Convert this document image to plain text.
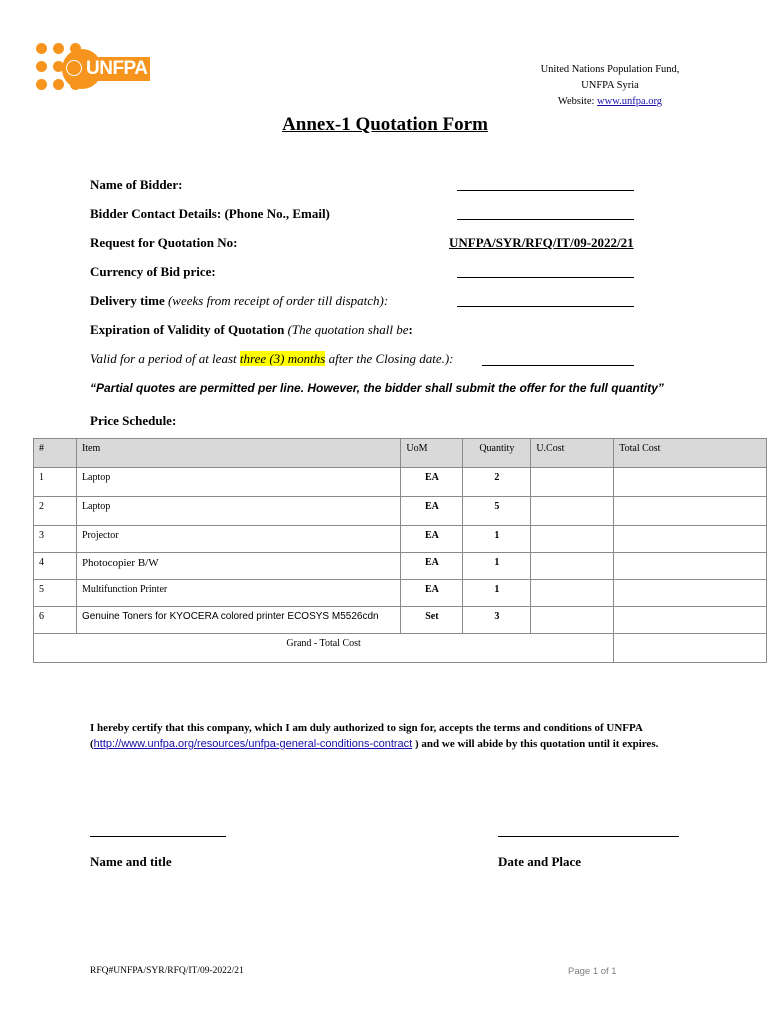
UNFPA	United Nations Population Fund,
UNFPA Syria
Website: www.unfpa.org
Annex-1 Quotation Form
Name of Bidder:
Bidder Contact Details: (Phone No., Email)
Request for Quotation No:	UNFPA/SYR/RFQ/IT/09-2022/21
Currency of Bid price:
Delivery time (weeks from receipt of order till dispatch):
Expiration of Validity of Quotation (The quotation shall be:
Valid for a period of at least three (3) months after the Closing date.):
“Partial quotes are permitted per line. However, the bidder shall submit the offer for the full quantity”
Price Schedule:
#	Item	UoM	Quantity	U.Cost	Total Cost
1	Laptop	EA	2		
2	Laptop	EA	5		
3	Projector	EA	1		
4	Photocopier B/W	EA	1		
5	Multifunction Printer	EA	1		
6	Genuine Toners for KYOCERA colored printer ECOSYS M5526cdn	Set	3		
Grand - Total Cost					
I hereby certify that this company, which I am duly authorized to sign for, accepts the terms and conditions of UNFPA (http://www.unfpa.org/resources/unfpa-general-conditions-contract ) and we will abide by this quotation until it expires.
Name and title	Date and Place
RFQ#UNFPA/SYR/RFQ/IT/09-2022/21	Page 1 of 1
